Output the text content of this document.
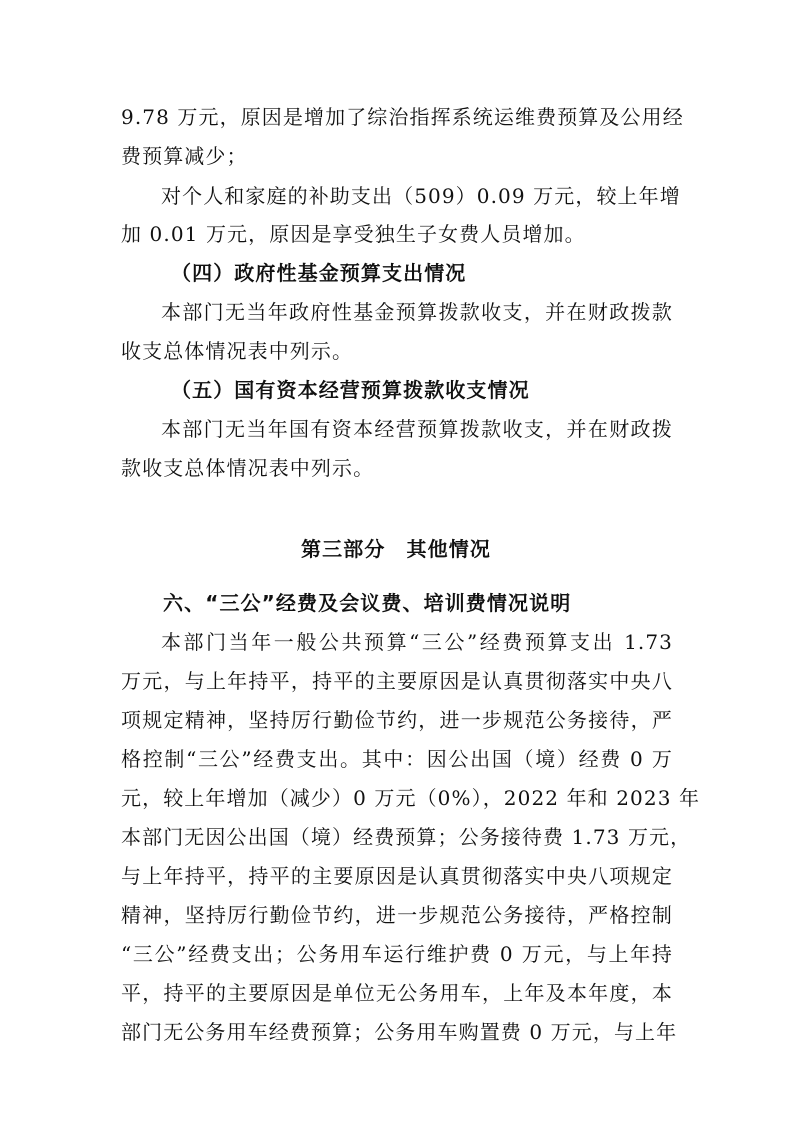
9.78 万元，原因是增加了综治指挥系统运维费预算及公用经
费预算减少；
对个人和家庭的补助支出（509）0.09 万元，较上年增
加 0.01 万元，原因是享受独生子女费人员增加。
（四）政府性基金预算支出情况
本部门无当年政府性基金预算拨款收支，并在财政拨款
收支总体情况表中列示。
（五）国有资本经营预算拨款收支情况
本部门无当年国有资本经营预算拨款收支，并在财政拨
款收支总体情况表中列示。
第三部分　其他情况
六、“三公”经费及会议费、培训费情况说明
本部门当年一般公共预算“三公”经费预算支出 1.73
万元，与上年持平，持平的主要原因是认真贯彻落实中央八
项规定精神，坚持厉行勤俭节约，进一步规范公务接待，严
格控制“三公”经费支出。其中：因公出国（境）经费 0 万
元，较上年增加（减少）0 万元（0%），2022 年和 2023 年
本部门无因公出国（境）经费预算；公务接待费 1.73 万元，
与上年持平，持平的主要原因是认真贯彻落实中央八项规定
精神，坚持厉行勤俭节约，进一步规范公务接待，严格控制
“三公”经费支出；公务用车运行维护费 0 万元，与上年持
平，持平的主要原因是单位无公务用车，上年及本年度，本
部门无公务用车经费预算；公务用车购置费 0 万元，与上年
